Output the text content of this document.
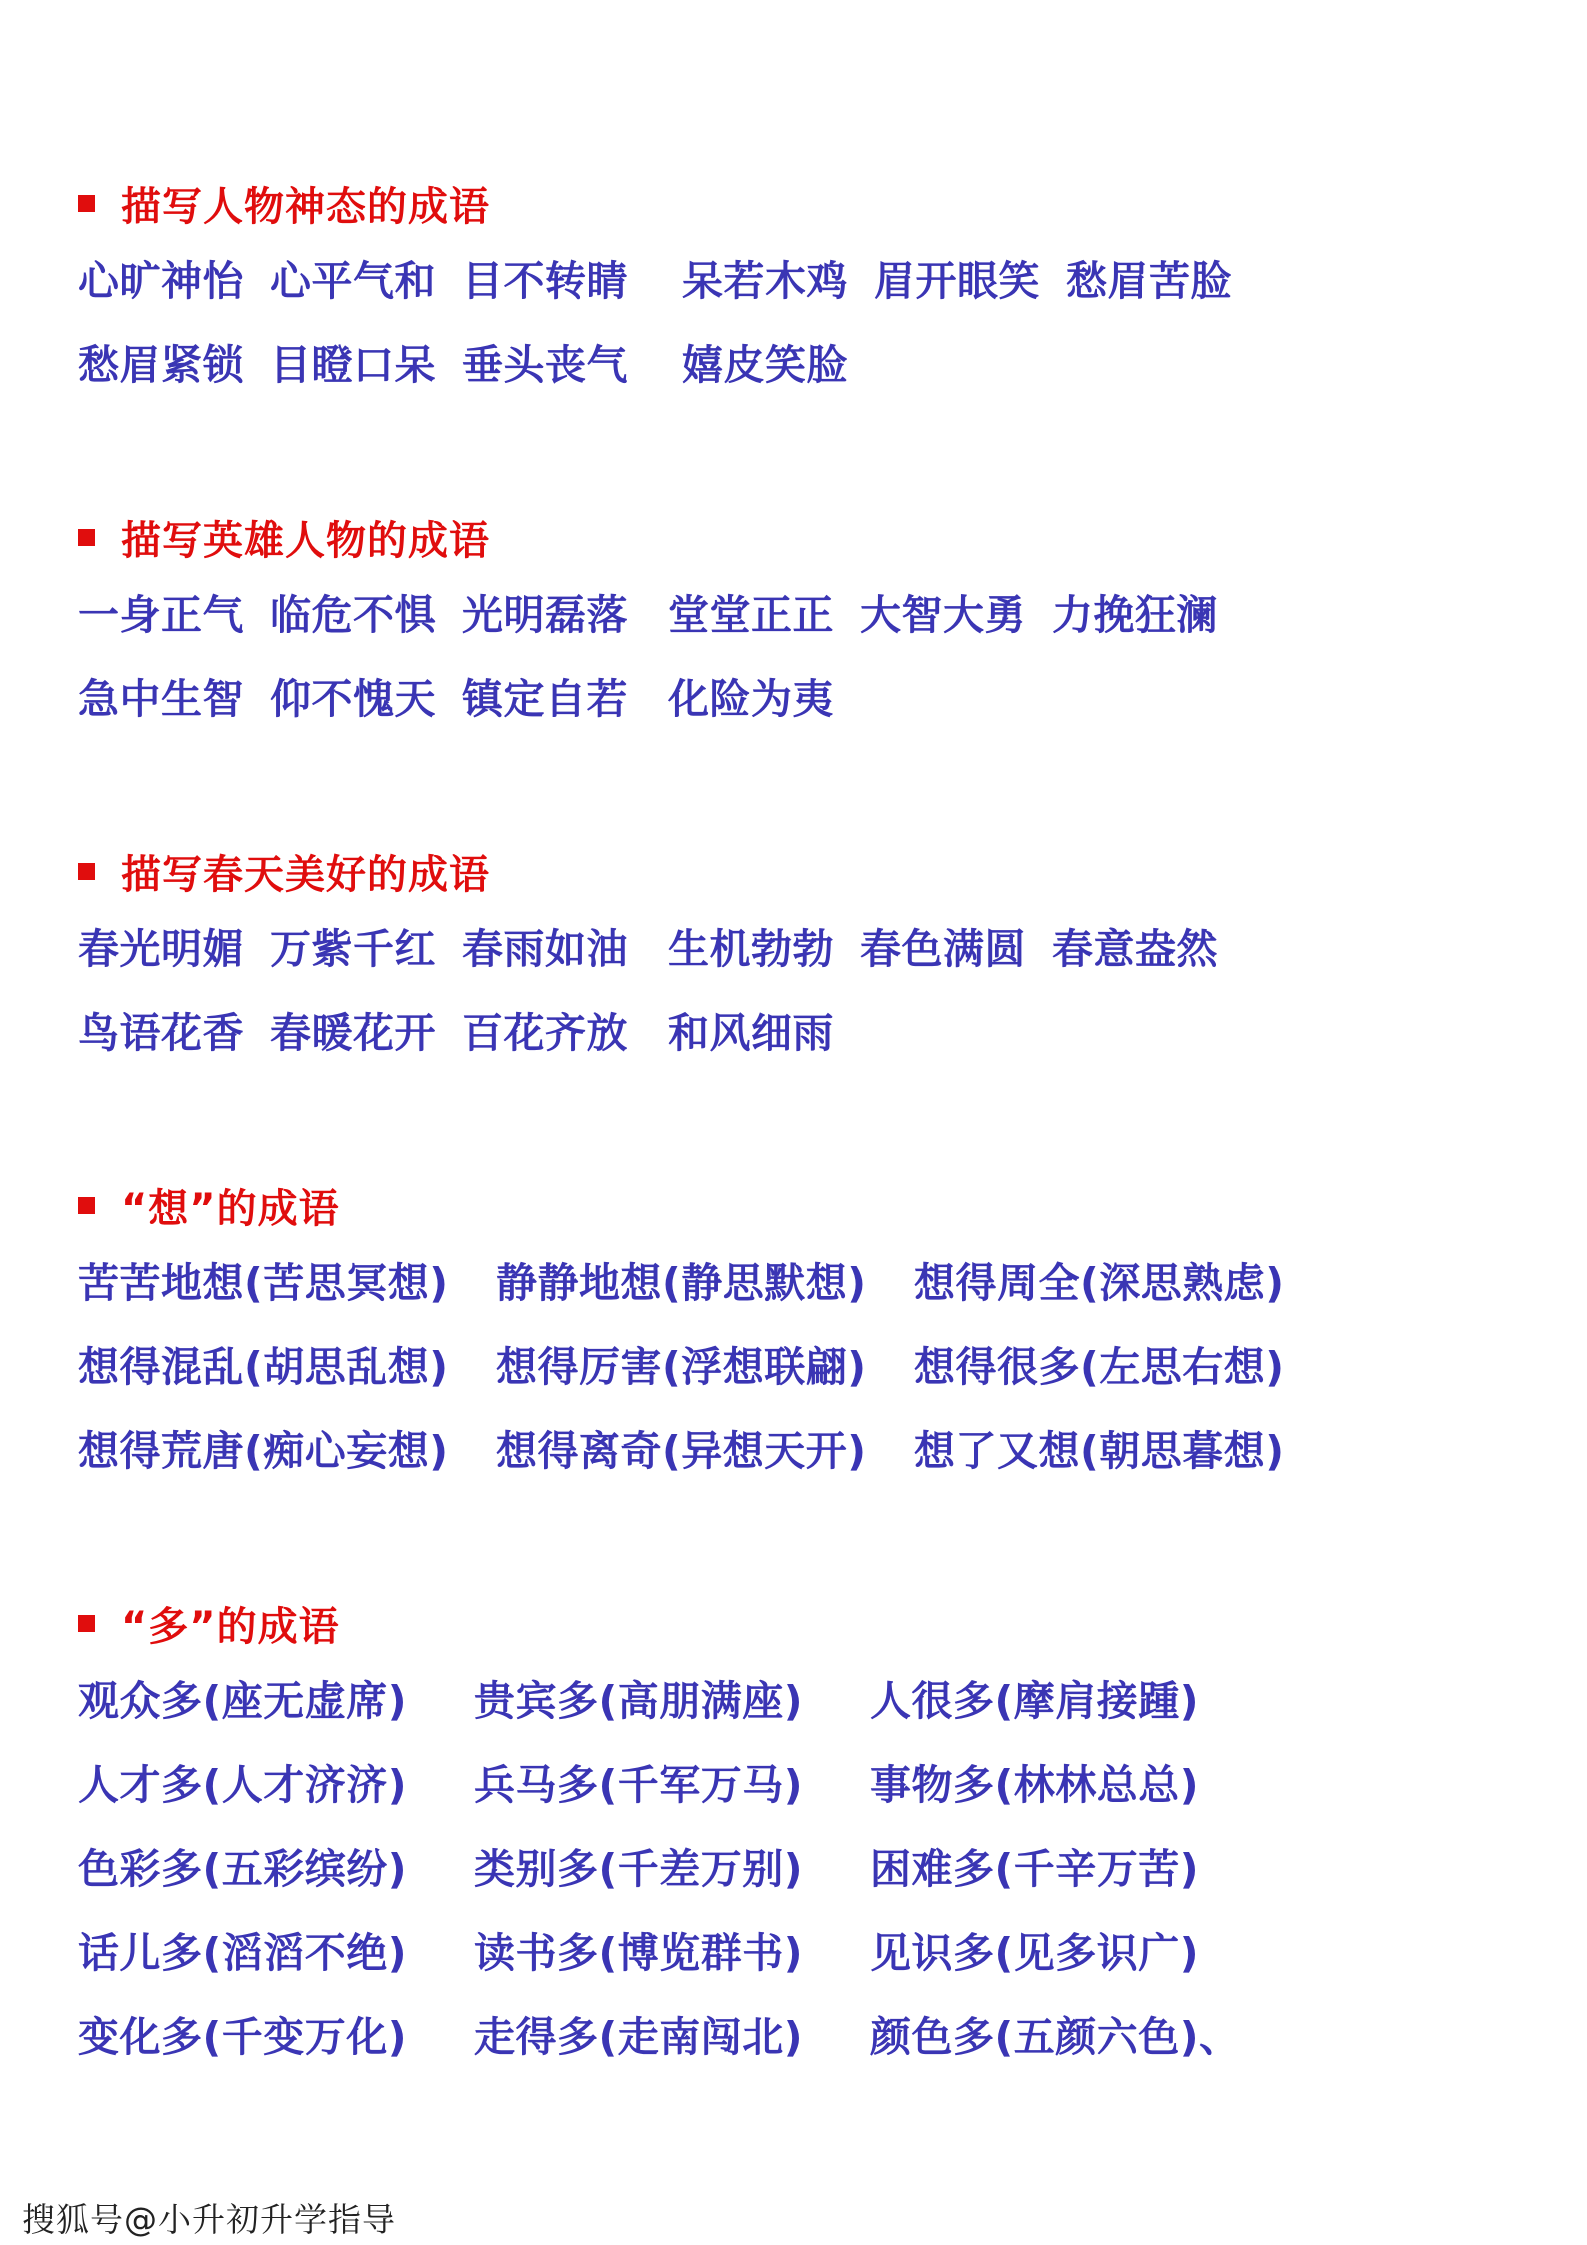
描写人物神态的成语
心旷神怡 心平气和 目不转睛 呆若木鸡 眉开眼笑 愁眉苦脸
愁眉紧锁 目瞪口呆 垂头丧气 嬉皮笑脸
描写英雄人物的成语
一身正气 临危不惧 光明磊落 堂堂正正 大智大勇 力挽狂澜
急中生智 仰不愧天 镇定自若 化险为夷
描写春天美好的成语
春光明媚 万紫千红 春雨如油 生机勃勃 春色满圆 春意盎然
鸟语花香 春暖花开 百花齐放 和风细雨
“想”的成语
苦苦地想(苦思冥想) 静静地想(静思默想) 想得周全(深思熟虑)
想得混乱(胡思乱想) 想得厉害(浮想联翩) 想得很多(左思右想)
想得荒唐(痴心妄想) 想得离奇(异想天开) 想了又想(朝思暮想)
“多”的成语
观众多(座无虚席) 贵宾多(高朋满座) 人很多(摩肩接踵)
人才多(人才济济) 兵马多(千军万马) 事物多(林林总总)
色彩多(五彩缤纷) 类别多(千差万别) 困难多(千辛万苦)
话儿多(滔滔不绝) 读书多(博览群书) 见识多(见多识广)
变化多(千变万化) 走得多(走南闯北) 颜色多(五颜六色)、
搜狐号@小升初升学指导
